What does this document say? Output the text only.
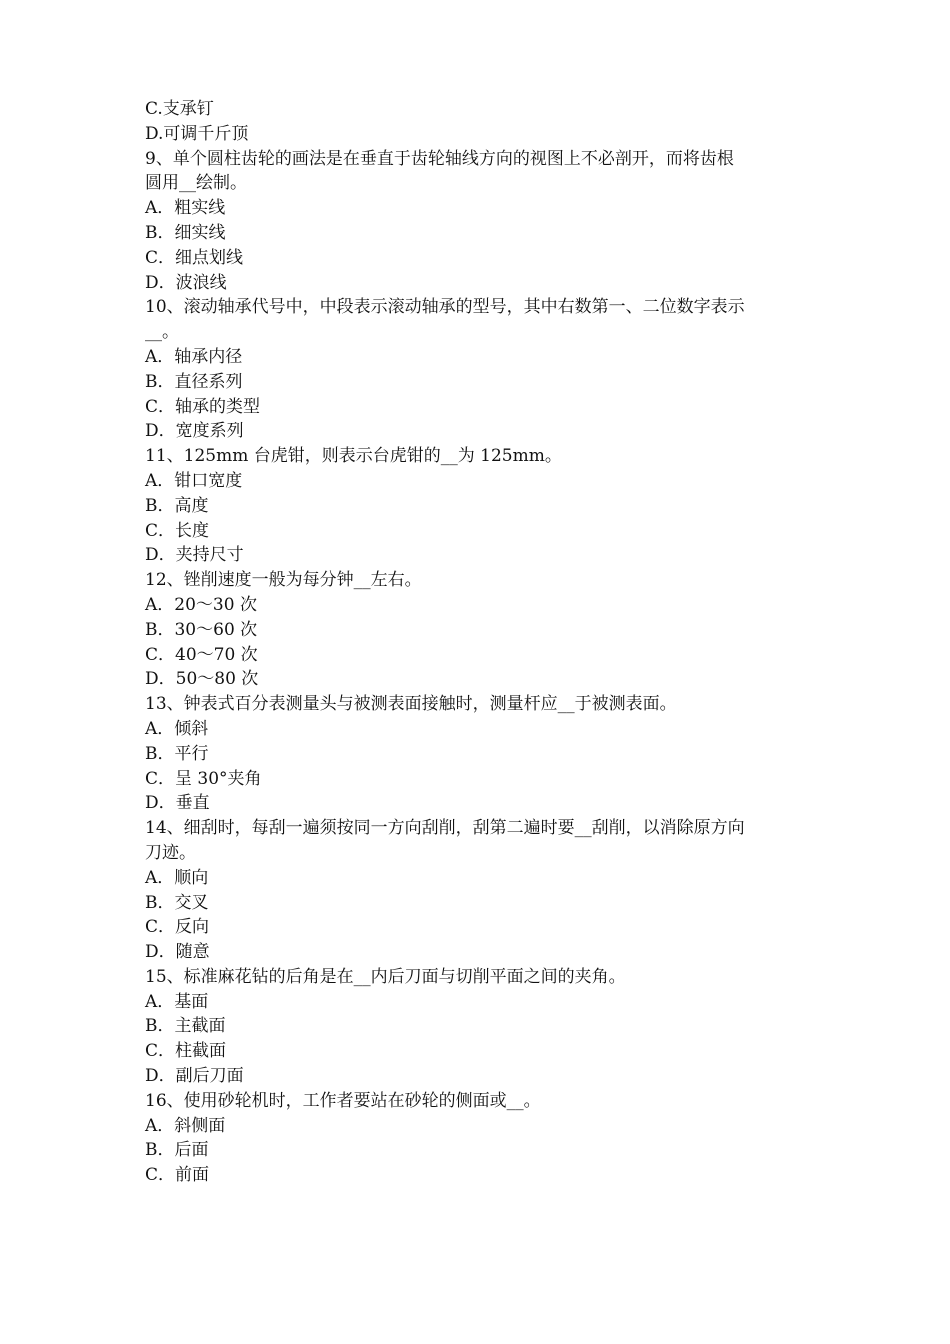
C.支承钉

D.可调千斤顶

9、单个圆柱齿轮的画法是在垂直于齿轮轴线方向的视图上不必剖开，而将齿根

圆用__绘制。

A．粗实线

B．细实线

C．细点划线

D．波浪线

10、滚动轴承代号中，中段表示滚动轴承的型号，其中右数第一、二位数字表示

__。

A．轴承内径

B．直径系列

C．轴承的类型

D．宽度系列

11、125mm 台虎钳，则表示台虎钳的__为 125mm。

A．钳口宽度

B．高度

C．长度

D．夹持尺寸

12、锉削速度一般为每分钟__左右。

A．20～30 次

B．30～60 次

C．40～70 次

D．50～80 次

13、钟表式百分表测量头与被测表面接触时，测量杆应__于被测表面。

A．倾斜

B．平行

C．呈 30°夹角

D．垂直

14、细刮时，每刮一遍须按同一方向刮削，刮第二遍时要__刮削，以消除原方向

刀迹。

A．顺向

B．交叉

C．反向

D．随意

15、标准麻花钻的后角是在__内后刀面与切削平面之间的夹角。

A．基面

B．主截面

C．柱截面

D．副后刀面

16、使用砂轮机时，工作者要站在砂轮的侧面或__。

A．斜侧面

B．后面

C．前面
